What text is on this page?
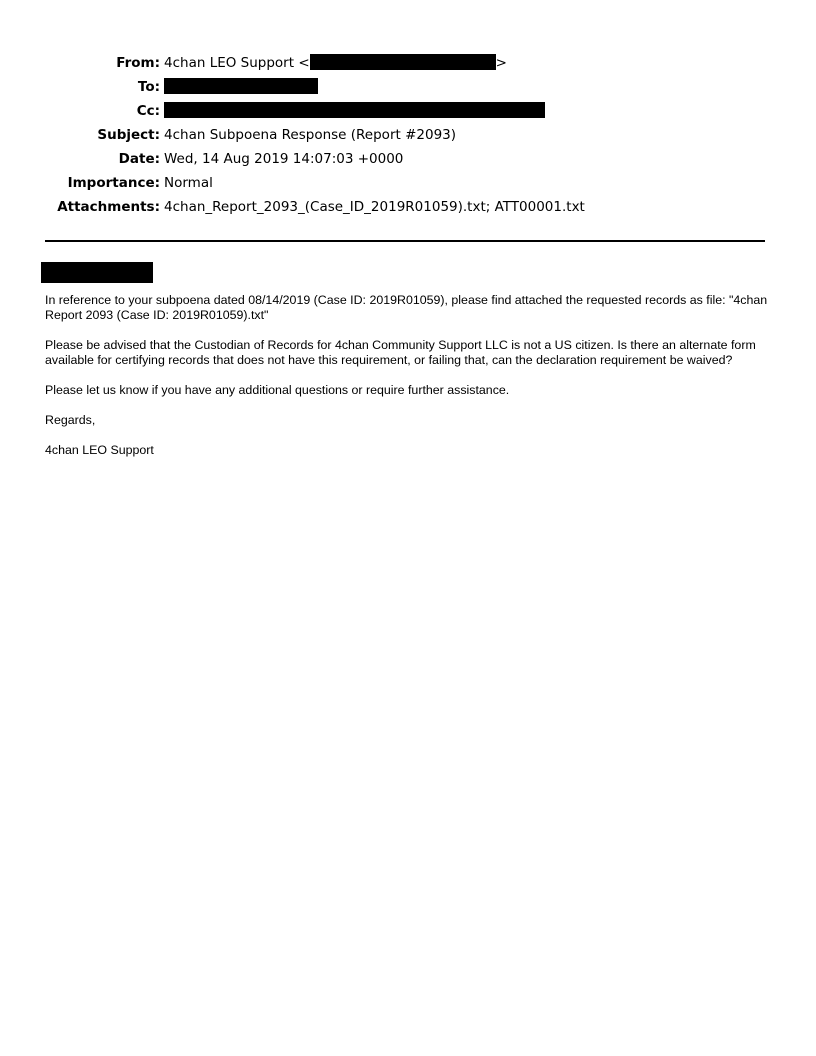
From: 4chan LEO Support <	>
To:
Cc:
Subject: 4chan Subpoena Response (Report #2093)
Date: Wed, 14 Aug 2019 14:07:03 +0000
Importance: Normal
Attachments: 4chan_Report_2093_(Case_ID_2019R01059).txt; ATT00001.txt

In reference to your subpoena dated 08/14/2019 (Case ID: 2019R01059), please find attached the requested records as file: "4chan Report 2093 (Case ID: 2019R01059).txt"

Please be advised that the Custodian of Records for 4chan Community Support LLC is not a US citizen. Is there an alternate form available for certifying records that does not have this requirement, or failing that, can the declaration requirement be waived?

Please let us know if you have any additional questions or require further assistance.

Regards,

4chan LEO Support
